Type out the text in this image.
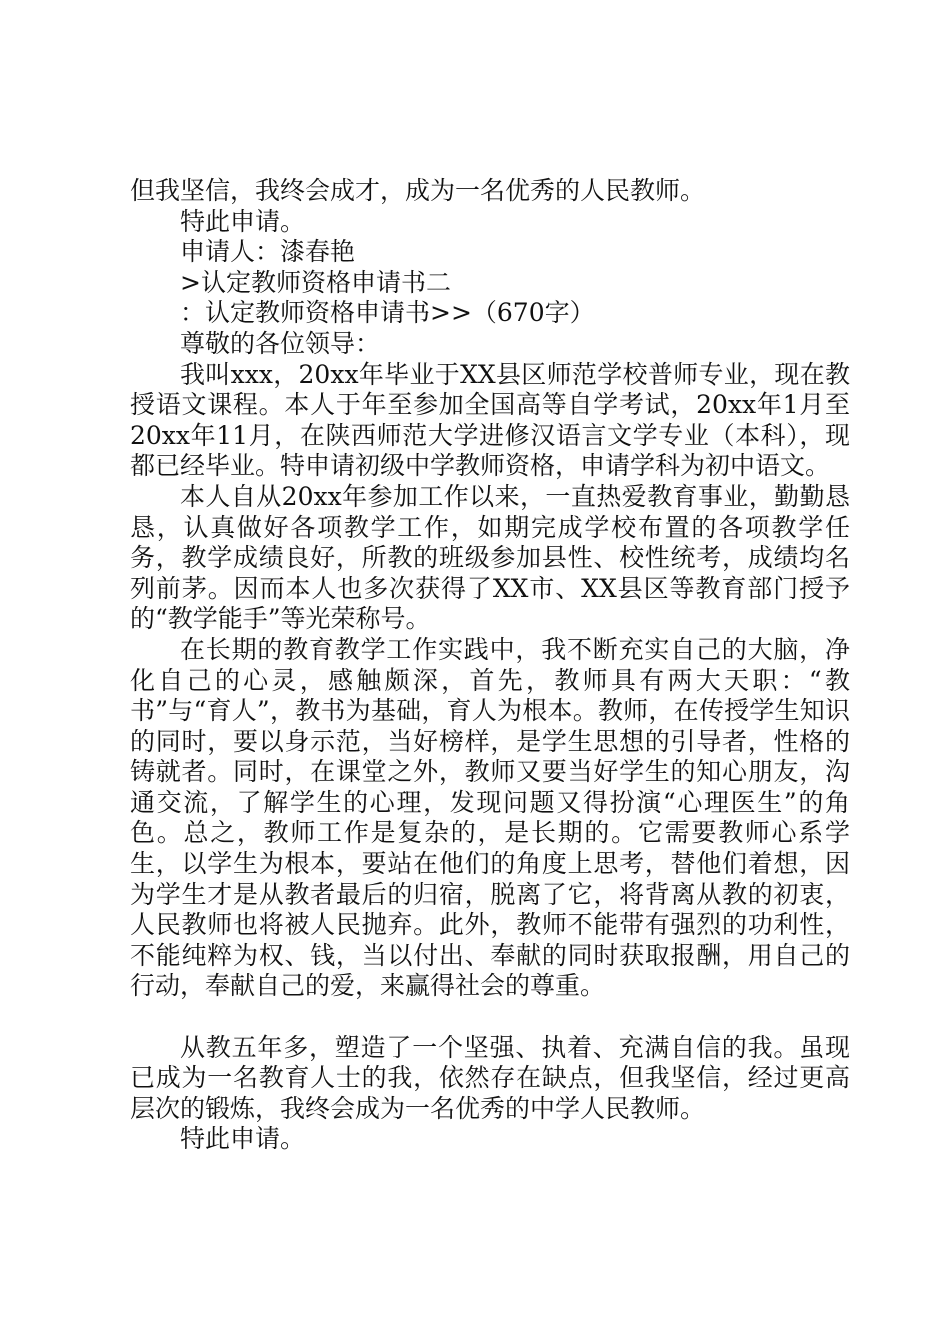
但我坚信，我终会成才，成为一名优秀的人民教师。

特此申请。

申请人：漆春艳

>认定教师资格申请书二

：认定教师资格申请书>>（670字）

尊敬的各位领导：

我叫xxx，20xx年毕业于XX县区师范学校普师专业，现在教授语文课程。本人于年至参加全国高等自学考试，20xx年1月至20xx年11月，在陕西师范大学进修汉语言文学专业（本科），现都已经毕业。特申请初级中学教师资格，申请学科为初中语文。

本人自从20xx年参加工作以来，一直热爱教育事业，勤勤恳恳，认真做好各项教学工作，如期完成学校布置的各项教学任务，教学成绩良好，所教的班级参加县性、校性统考，成绩均名列前茅。因而本人也多次获得了XX市、XX县区等教育部门授予的“教学能手”等光荣称号。

在长期的教育教学工作实践中，我不断充实自己的大脑，净化自己的心灵，感触颇深，首先，教师具有两大天职：“教书”与“育人”，教书为基础，育人为根本。教师，在传授学生知识的同时，要以身示范，当好榜样，是学生思想的引导者，性格的铸就者。同时，在课堂之外，教师又要当好学生的知心朋友，沟通交流，了解学生的心理，发现问题又得扮演“心理医生”的角色。总之，教师工作是复杂的，是长期的。它需要教师心系学生，以学生为根本，要站在他们的角度上思考，替他们着想，因为学生才是从教者最后的归宿，脱离了它，将背离从教的初衷，人民教师也将被人民抛弃。此外，教师不能带有强烈的功利性，不能纯粹为权、钱，当以付出、奉献的同时获取报酬，用自己的行动，奉献自己的爱，来赢得社会的尊重。

从教五年多，塑造了一个坚强、执着、充满自信的我。虽现已成为一名教育人士的我，依然存在缺点，但我坚信，经过更高层次的锻炼，我终会成为一名优秀的中学人民教师。

特此申请。
